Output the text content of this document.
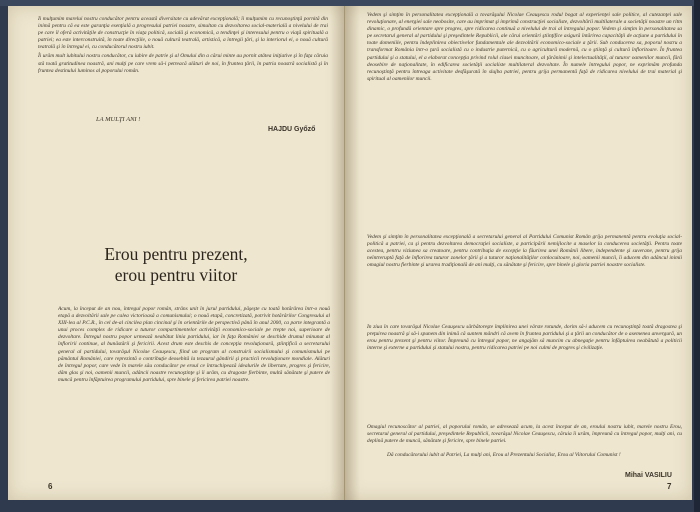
Îi mulţumim marelui nostru conducător pentru această diversitate cu adevărat excepţională; îi mulţumim cu recunoştinţă pornită din inimă pentru că ea este garanţia esenţială a progresului patriei noastre, simultan cu dezvoltarea social-materială a nivelului de trai pe care îl oferă activităţile de construcţie în viaţa politică, socială şi economică, a tendinţei şi interesului pentru o viaţă spirituală a patriei; ea este interconstruită, în toate direcţiile, o nouă cultură teatrală, artistică, a întregii ţări, şi la interiorul ei, o nouă cultură teatrală şi în întregul ei, cu conducătorul nostru iubit.

Îi urăm mult iubitului nostru conducător, cu iubire de patrie şi al Omului din a cărui minte au pornit atâtea iniţiative şi în faţa căruia stă toată gratitudinea noastră, ani mulţi pe care vrem să-i petreacă alături de noi, în fruntea ţării, în patria noastră socialistă şi în fruntea destinului luminos al poporului român.

LA MULŢI ANI !
HAJDU Győző
Erou pentru prezent,
erou pentru viitor

Acum, la început de an nou, întregul popor român, strâns unit în jurul partidului, păşeşte cu toată hotărârea într-o nouă etapă a dezvoltării sale pe calea victorioasă a comunismului; o nouă etapă, concretizată, potrivit hotărârilor Congresului al XIII-lea al P.C.R., în cel de-al cincilea plan cincinal şi în orientările de perspectivă până în anul 2000, ca parte integrantă a unui proces complex de ridicare a tuturor compartimentelor activităţii economico-sociale pe trepte noi, superioare de dezvoltare. Întregul nostru popor urmează neabătut linia partidului, iar în faţa României se deschide drumul minunat al înfloririi continue, al bunăstării şi fericirii. Acest drum este deschis de concepţia revoluţionară, ştiinţifică a secretarului general al partidului, tovarăşul Nicolae Ceauşescu, fiind un program al construirii socialismului şi comunismului pe pământul României, care reprezintă o contribuţie deosebită la tezaurul gândirii şi practicii revoluţionare mondiale. Alături de întregul popor, care vede în marele său conducător pe eroul ce întruchipează idealurile de libertate, progres şi fericire, dăm glas şi noi, oamenii muncii, adâncii noastre recunoştinţe şi îi urăm, cu dragoste fierbinte, multă sănătate şi putere de muncă pentru înfăptuirea programului partidului, spre binele şi fericirea patriei noastre.

6

Vedem şi simţim în personalitatea excepţională a tovarăşului Nicolae Ceauşescu rodul bogat al experienţei sale politice, al cutezanţei sale revoluţionare, al energiei sale neobosite, care au imprimat şi imprimă construcţiei socialiste, dezvoltării multilaterale a societăţii noastre un ritm dinamic, o profundă orientare spre progres, spre ridicarea continuă a nivelului de trai al întregului popor. Vedem şi simţim în personalitatea sa pe secretarul general al partidului şi preşedintele Republicii, ale cărui orientări ştiinţifice asigură întărirea capacităţii de acţiune a partidului în toate domeniile, pentru îndeplinirea obiectivelor fundamentale ale dezvoltării economico-sociale a ţării. Sub conducerea sa, poporul nostru a transformat România într-o ţară socialistă cu o industrie puternică, cu o agricultură modernă, cu o ştiinţă şi cultură înfloritoare. În fruntea partidului şi a statului, el a elaborat concepţia privind rolul clasei muncitoare, al ţărănimii şi intelectualităţii, al tuturor oamenilor muncii, fără deosebire de naţionalitate, în edificarea societăţii socialiste multilateral dezvoltate. În numele întregului popor, ne exprimăm profunda recunoştinţă pentru întreaga activitate desfăşurată în slujba patriei, pentru grija permanentă faţă de ridicarea nivelului de trai material şi spiritual al oamenilor muncii.

Vedem şi simţim în personalitatea excepţională a secretarului general al Partidului Comunist Român grija permanentă pentru evoluţia social-politică a patriei, ca şi pentru dezvoltarea democraţiei socialiste, a participării nemijlocite a maselor la conducerea societăţii. Pentru toate acestea, pentru viziunea sa creatoare, pentru contribuţia de excepţie la făurirea unei Românii libere, independente şi suverane, pentru grija neîntreruptă faţă de înflorirea tuturor zonelor ţării şi a tuturor naţionalităţilor conlocuitoare, noi, oamenii muncii, îi aducem din adâncul inimii omagiul nostru fierbinte şi urarea tradiţională de ani mulţi, cu sănătate şi fericire, spre binele şi gloria patriei noastre socialiste.

În ziua în care tovarăşul Nicolae Ceauşescu sărbătoreşte împlinirea unei vârste rotunde, dorim să-i aducem cu recunoştinţă toată dragostea şi preţuirea noastră şi să-i spunem din inimă că suntem mândri că avem în fruntea partidului şi a ţării un conducător de o asemenea anvergură, un erou pentru prezent şi pentru viitor. Împreună cu întregul popor, ne angajăm să muncim cu abnegaţie pentru înfăptuirea neabătută a politicii interne şi externe a partidului şi statului nostru, pentru ridicarea patriei pe noi culmi de progres şi civilizaţie.

Omagiul recunoscător al patriei, al poporului român, se adresează acum, la acest început de an, eroului nostru iubit, marele nostru Erou, secretarul general al partidului, preşedintele Republicii, tovarăşul Nicolae Ceauşescu, căruia îi urăm, împreună cu întregul popor, mulţi ani, cu deplină putere de muncă, sănătate şi fericire, spre binele patriei.

Dă conducătorului iubit al Patriei, La mulţi ani, Erou al Prezentului Socialist, Erou al Viitorului Comunist !

Mihai VASILIU
7
